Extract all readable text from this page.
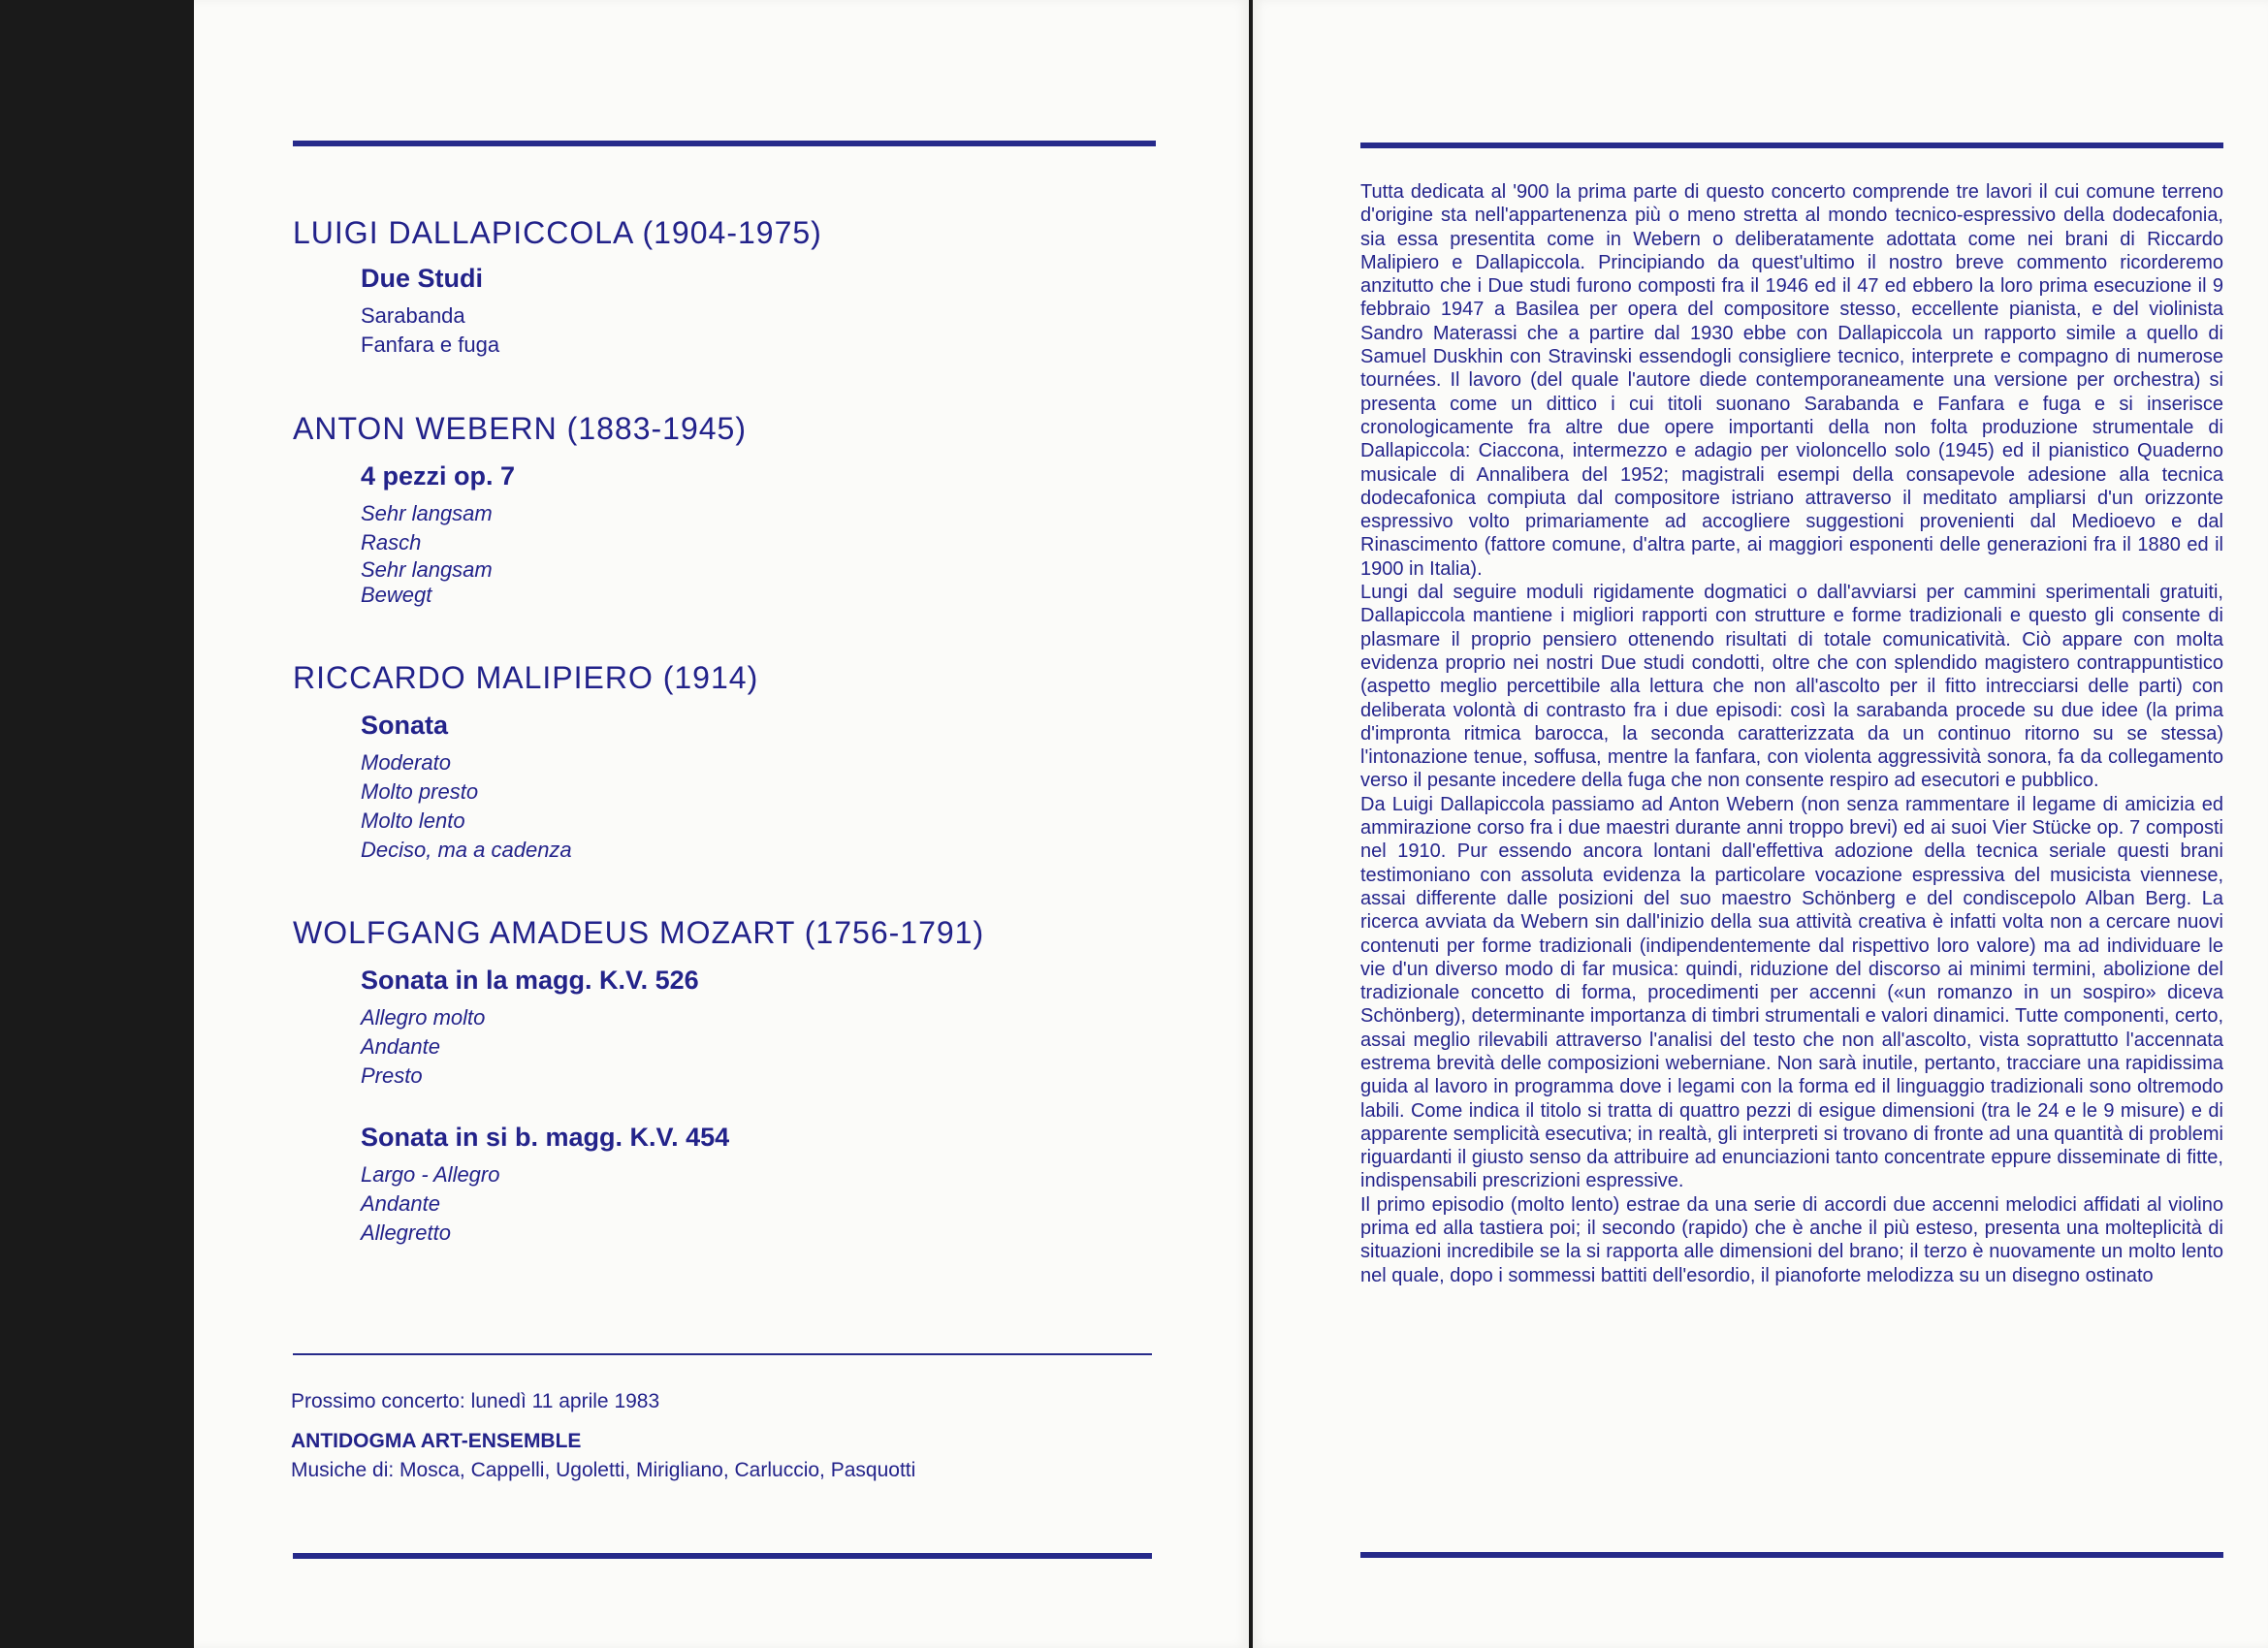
LUIGI DALLAPICCOLA (1904-1975)
Due Studi
Sarabanda
Fanfara e fuga
ANTON WEBERN (1883-1945)
4 pezzi op. 7
Sehr langsam
Rasch
Sehr langsam
Bewegt
RICCARDO MALIPIERO (1914)
Sonata
Moderato
Molto presto
Molto lento
Deciso, ma a cadenza
WOLFGANG AMADEUS MOZART (1756-1791)
Sonata in la magg. K.V. 526
Allegro molto
Andante
Presto
Sonata in si b. magg. K.V. 454
Largo - Allegro
Andante
Allegretto
Prossimo concerto: lunedì 11 aprile 1983
ANTIDOGMA ART-ENSEMBLE
Musiche di: Mosca, Cappelli, Ugoletti, Mirigliano, Carluccio, Pasquotti

Tutta dedicata al '900 la prima parte di questo concerto comprende tre lavori il cui comune terreno d'origine sta nell'appartenenza più o meno stretta al mondo tecnico-espressivo della dodecafonia, sia essa presentita come in Webern o deliberatamente adottata come nei brani di Riccardo Malipiero e Dallapiccola. Principiando da quest'ultimo il nostro breve commento ricorderemo anzitutto che i Due studi furono composti fra il 1946 ed il 47 ed ebbero la loro prima esecuzione il 9 febbraio 1947 a Basilea per opera del compositore stesso, eccellente pianista, e del violinista Sandro Materassi che a partire dal 1930 ebbe con Dallapiccola un rapporto simile a quello di Samuel Duskhin con Stravinski essendogli consigliere tecnico, interprete e compagno di numerose tournées. Il lavoro (del quale l'autore diede contemporaneamente una versione per orchestra) si presenta come un dittico i cui titoli suonano Sarabanda e Fanfara e fuga e si inserisce cronologicamente fra altre due opere importanti della non folta produzione strumentale di Dallapiccola: Ciaccona, intermezzo e adagio per violoncello solo (1945) ed il pianistico Quaderno musicale di Annalibera del 1952; magistrali esempi della consapevole adesione alla tecnica dodecafonica compiuta dal compositore istriano attraverso il meditato ampliarsi d'un orizzonte espressivo volto primariamente ad accogliere suggestioni provenienti dal Medioevo e dal Rinascimento (fattore comune, d'altra parte, ai maggiori esponenti delle generazioni fra il 1880 ed il 1900 in Italia).

Lungi dal seguire moduli rigidamente dogmatici o dall'avviarsi per cammini sperimentali gratuiti, Dallapiccola mantiene i migliori rapporti con strutture e forme tradizionali e questo gli consente di plasmare il proprio pensiero ottenendo risultati di totale comunicatività. Ciò appare con molta evidenza proprio nei nostri Due studi condotti, oltre che con splendido magistero contrappuntistico (aspetto meglio percettibile alla lettura che non all'ascolto per il fitto intrecciarsi delle parti) con deliberata volontà di contrasto fra i due episodi: così la sarabanda procede su due idee (la prima d'impronta ritmica barocca, la seconda caratterizzata da un continuo ritorno su se stessa) l'intonazione tenue, soffusa, mentre la fanfara, con violenta aggressività sonora, fa da collegamento verso il pesante incedere della fuga che non consente respiro ad esecutori e pubblico.

Da Luigi Dallapiccola passiamo ad Anton Webern (non senza rammentare il legame di amicizia ed ammirazione corso fra i due maestri durante anni troppo brevi) ed ai suoi Vier Stücke op. 7 composti nel 1910. Pur essendo ancora lontani dall'effettiva adozione della tecnica seriale questi brani testimoniano con assoluta evidenza la particolare vocazione espressiva del musicista viennese, assai differente dalle posizioni del suo maestro Schönberg e del condiscepolo Alban Berg. La ricerca avviata da Webern sin dall'inizio della sua attività creativa è infatti volta non a cercare nuovi contenuti per forme tradizionali (indipendentemente dal rispettivo loro valore) ma ad individuare le vie d'un diverso modo di far musica: quindi, riduzione del discorso ai minimi termini, abolizione del tradizionale concetto di forma, procedimenti per accenni («un romanzo in un sospiro» diceva Schönberg), determinante importanza di timbri strumentali e valori dinamici. Tutte componenti, certo, assai meglio rilevabili attraverso l'analisi del testo che non all'ascolto, vista soprattutto l'accennata estrema brevità delle composizioni weberniane. Non sarà inutile, pertanto, tracciare una rapidissima guida al lavoro in programma dove i legami con la forma ed il linguaggio tradizionali sono oltremodo labili. Come indica il titolo si tratta di quattro pezzi di esigue dimensioni (tra le 24 e le 9 misure) e di apparente semplicità esecutiva; in realtà, gli interpreti si trovano di fronte ad una quantità di problemi riguardanti il giusto senso da attribuire ad enunciazioni tanto concentrate eppure disseminate di fitte, indispensabili prescrizioni espressive.

Il primo episodio (molto lento) estrae da una serie di accordi due accenni melodici affidati al violino prima ed alla tastiera poi; il secondo (rapido) che è anche il più esteso, presenta una molteplicità di situazioni incredibile se la si rapporta alle dimensioni del brano; il terzo è nuovamente un molto lento nel quale, dopo i sommessi battiti dell'esordio, il pianoforte melodizza su un disegno ostinato
